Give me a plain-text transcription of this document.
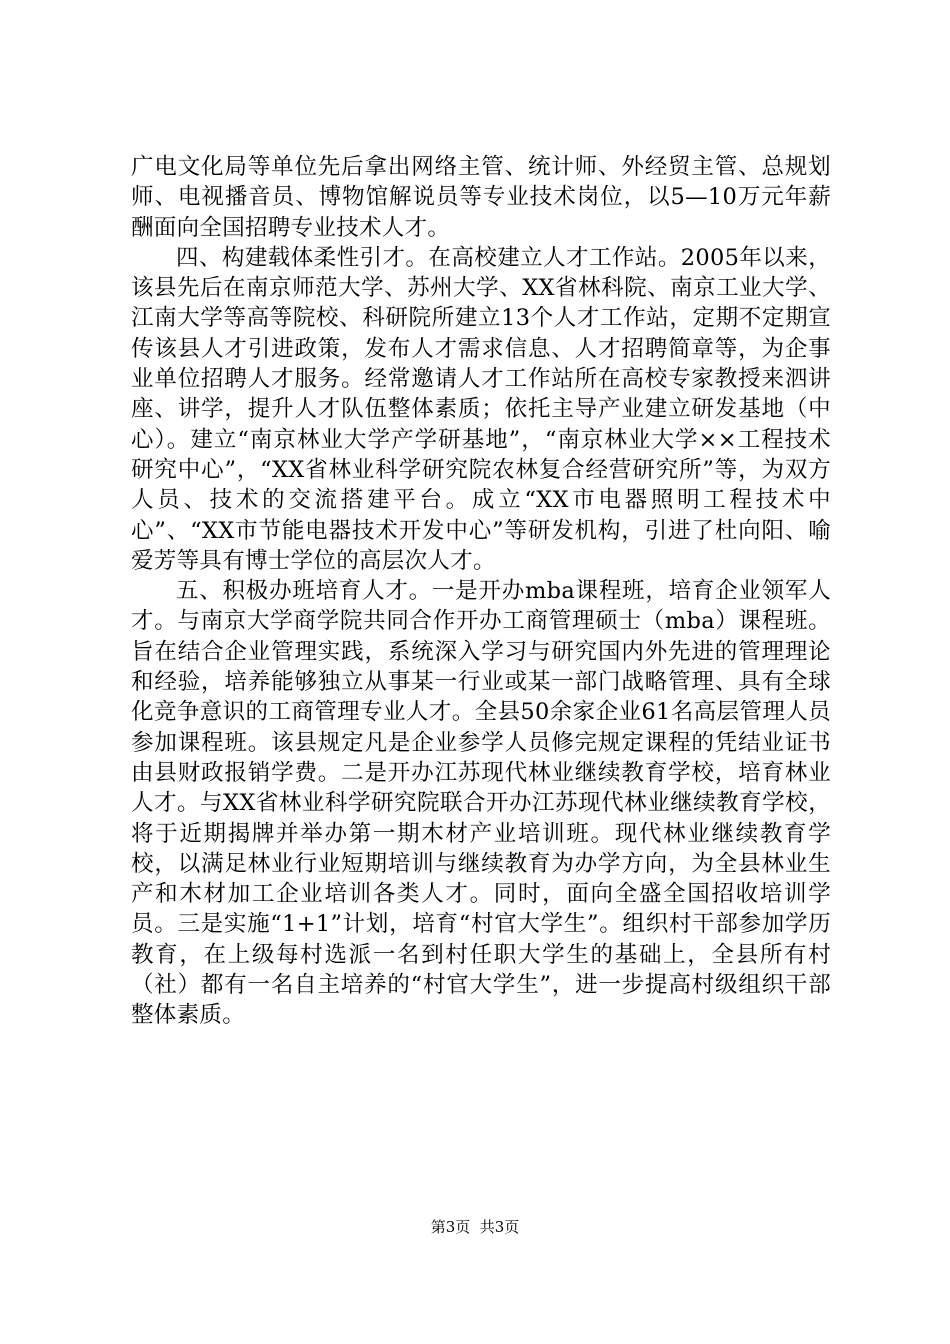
广电文化局等单位先后拿出网络主管、统计师、外经贸主管、总规划师、电视播音员、博物馆解说员等专业技术岗位，以5—10万元年薪酬面向全国招聘专业技术人才。

四、构建载体柔性引才。在高校建立人才工作站。2005年以来，该县先后在南京师范大学、苏州大学、XX省林科院、南京工业大学、江南大学等高等院校、科研院所建立13个人才工作站，定期不定期宣传该县人才引进政策，发布人才需求信息、人才招聘简章等，为企事业单位招聘人才服务。经常邀请人才工作站所在高校专家教授来泗讲座、讲学，提升人才队伍整体素质；依托主导产业建立研发基地（中心）。建立“南京林业大学产学研基地”，“南京林业大学××工程技术研究中心”，“XX省林业科学研究院农林复合经营研究所”等，为双方人员、技术的交流搭建平台。成立“XX市电器照明工程技术中心”、“XX市节能电器技术开发中心”等研发机构，引进了杜向阳、喻爱芳等具有博士学位的高层次人才。

五、积极办班培育人才。一是开办mba课程班，培育企业领军人才。与南京大学商学院共同合作开办工商管理硕士（mba）课程班。旨在结合企业管理实践，系统深入学习与研究国内外先进的管理理论和经验，培养能够独立从事某一行业或某一部门战略管理、具有全球化竞争意识的工商管理专业人才。全县50余家企业61名高层管理人员参加课程班。该县规定凡是企业参学人员修完规定课程的凭结业证书由县财政报销学费。二是开办江苏现代林业继续教育学校，培育林业人才。与XX省林业科学研究院联合开办江苏现代林业继续教育学校，将于近期揭牌并举办第一期木材产业培训班。现代林业继续教育学校，以满足林业行业短期培训与继续教育为办学方向，为全县林业生产和木材加工企业培训各类人才。同时，面向全盛全国招收培训学员。三是实施“1+1”计划，培育“村官大学生”。组织村干部参加学历教育，在上级每村选派一名到村任职大学生的基础上，全县所有村（社）都有一名自主培养的“村官大学生”，进一步提高村级组织干部整体素质。

第3页  共3页
